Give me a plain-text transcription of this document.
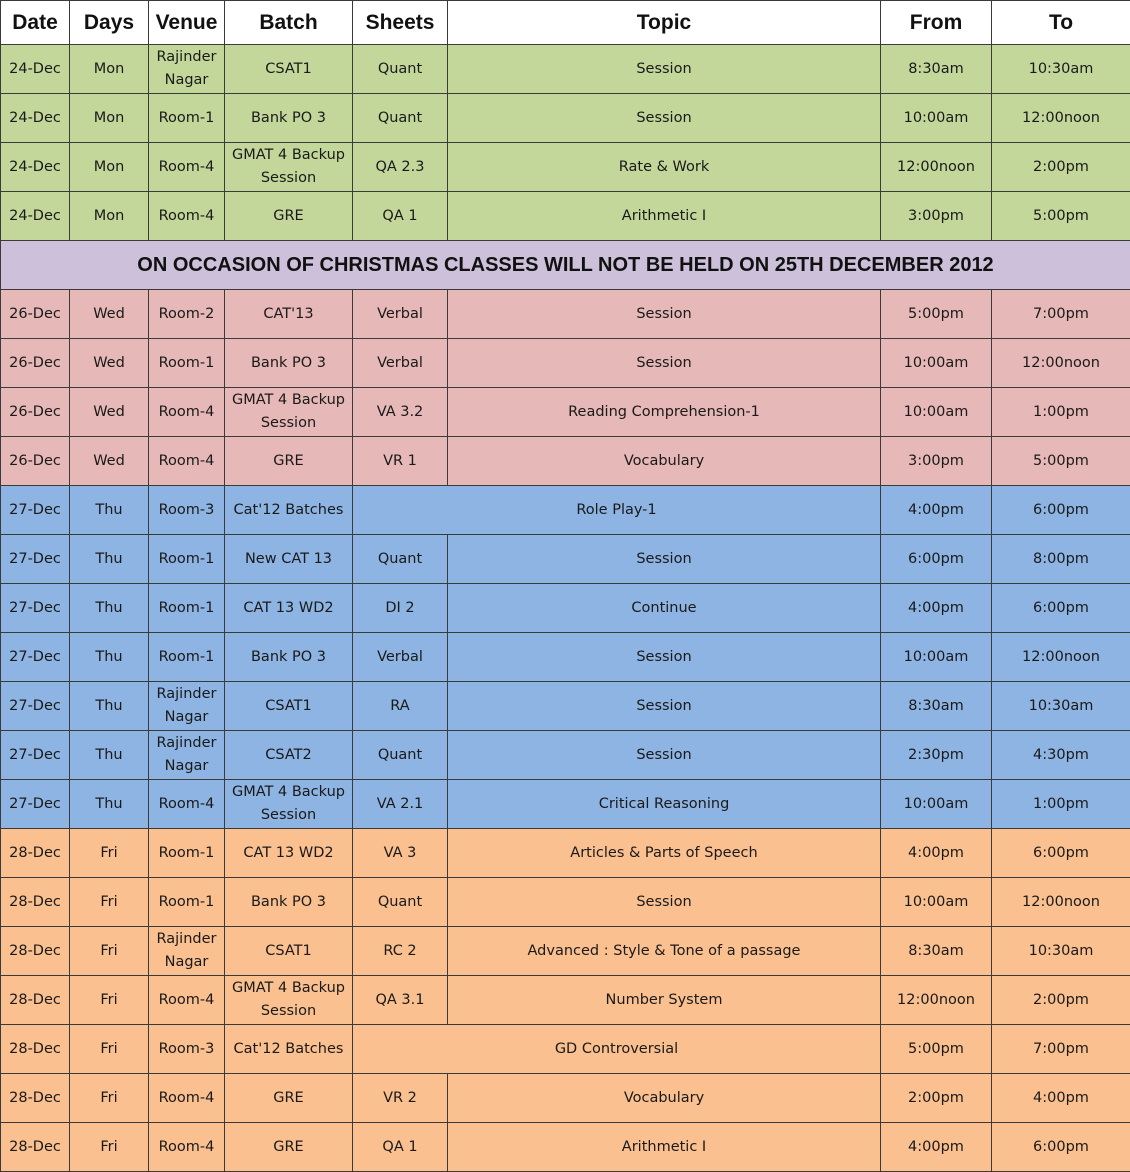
Date	Days	Venue	Batch	Sheets	Topic	From	To
24-Dec	Mon	Rajinder Nagar	CSAT1	Quant	Session	8:30am	10:30am
24-Dec	Mon	Room-1	Bank PO 3	Quant	Session	10:00am	12:00noon
24-Dec	Mon	Room-4	GMAT 4 Backup Session	QA 2.3	Rate & Work	12:00noon	2:00pm
24-Dec	Mon	Room-4	GRE	QA 1	Arithmetic I	3:00pm	5:00pm
ON OCCASION OF CHRISTMAS CLASSES WILL NOT BE HELD ON 25TH DECEMBER 2012							
26-Dec	Wed	Room-2	CAT'13	Verbal	Session	5:00pm	7:00pm
26-Dec	Wed	Room-1	Bank PO 3	Verbal	Session	10:00am	12:00noon
26-Dec	Wed	Room-4	GMAT 4 Backup Session	VA 3.2	Reading Comprehension-1	10:00am	1:00pm
26-Dec	Wed	Room-4	GRE	VR 1	Vocabulary	3:00pm	5:00pm
27-Dec	Thu	Room-3	Cat'12 Batches	Role Play-1		4:00pm	6:00pm
27-Dec	Thu	Room-1	New CAT 13	Quant	Session	6:00pm	8:00pm
27-Dec	Thu	Room-1	CAT 13 WD2	DI 2	Continue	4:00pm	6:00pm
27-Dec	Thu	Room-1	Bank PO 3	Verbal	Session	10:00am	12:00noon
27-Dec	Thu	Rajinder Nagar	CSAT1	RA	Session	8:30am	10:30am
27-Dec	Thu	Rajinder Nagar	CSAT2	Quant	Session	2:30pm	4:30pm
27-Dec	Thu	Room-4	GMAT 4 Backup Session	VA 2.1	Critical Reasoning	10:00am	1:00pm
28-Dec	Fri	Room-1	CAT 13 WD2	VA 3	Articles & Parts of Speech	4:00pm	6:00pm
28-Dec	Fri	Room-1	Bank PO 3	Quant	Session	10:00am	12:00noon
28-Dec	Fri	Rajinder Nagar	CSAT1	RC 2	Advanced : Style & Tone of a passage	8:30am	10:30am
28-Dec	Fri	Room-4	GMAT 4 Backup Session	QA 3.1	Number System	12:00noon	2:00pm
28-Dec	Fri	Room-3	Cat'12 Batches	GD Controversial		5:00pm	7:00pm
28-Dec	Fri	Room-4	GRE	VR 2	Vocabulary	2:00pm	4:00pm
28-Dec	Fri	Room-4	GRE	QA 1	Arithmetic I	4:00pm	6:00pm
